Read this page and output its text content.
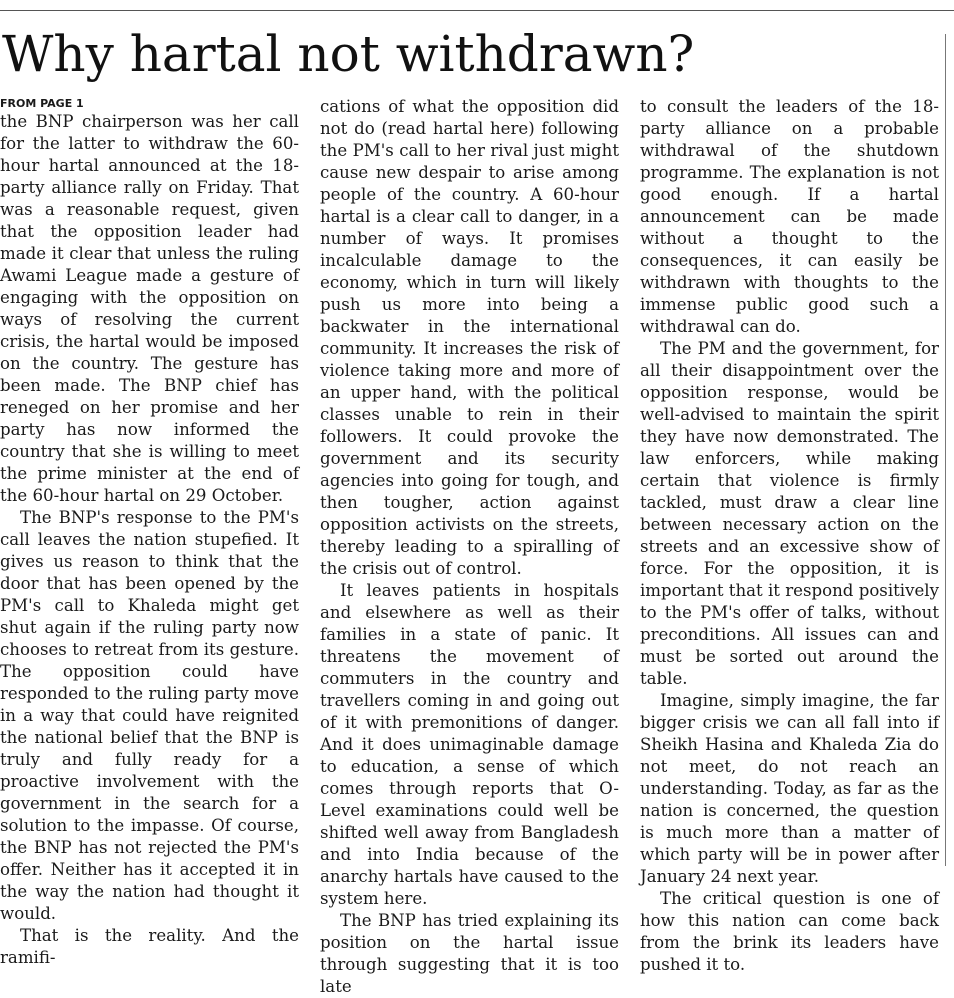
Why hartal not withdrawn?
FROM PAGE 1

the BNP chairperson was her call for the latter to withdraw the 60-hour hartal announced at the 18-party alliance rally on Friday. That was a reasonable request, given that the opposition leader had made it clear that unless the ruling Awami League made a gesture of engaging with the opposition on ways of resolving the current crisis, the hartal would be imposed on the country. The gesture has been made. The BNP chief has reneged on her promise and her party has now informed the country that she is willing to meet the prime minister at the end of the 60-hour hartal on 29 October.

The BNP's response to the PM's call leaves the nation stupefied. It gives us reason to think that the door that has been opened by the PM's call to Khaleda might get shut again if the ruling party now chooses to retreat from its gesture. The opposition could have responded to the ruling party move in a way that could have reignited the national belief that the BNP is truly and fully ready for a proactive involvement with the government in the search for a solution to the impasse. Of course, the BNP has not rejected the PM's offer. Neither has it accepted it in the way the nation had thought it would.

That is the reality. And the ramifi-

cations of what the opposition did not do (read hartal here) following the PM's call to her rival just might cause new despair to arise among people of the country. A 60-hour hartal is a clear call to danger, in a number of ways. It promises incalculable damage to the economy, which in turn will likely push us more into being a backwater in the international community. It increases the risk of violence taking more and more of an upper hand, with the political classes unable to rein in their followers. It could provoke the government and its security agencies into going for tough, and then tougher, action against opposition activists on the streets, thereby leading to a spiralling of the crisis out of control.

It leaves patients in hospitals and elsewhere as well as their families in a state of panic. It threatens the movement of commuters in the country and travellers coming in and going out of it with premonitions of danger. And it does unimaginable damage to education, a sense of which comes through reports that O-Level examinations could well be shifted well away from Bangladesh and into India because of the anarchy hartals have caused to the system here.

The BNP has tried explaining its position on the hartal issue through suggesting that it is too late

to consult the leaders of the 18-party alliance on a probable withdrawal of the shutdown programme. The explanation is not good enough. If a hartal announcement can be made without a thought to the consequences, it can easily be withdrawn with thoughts to the immense public good such a withdrawal can do.

The PM and the government, for all their disappointment over the opposition response, would be well-advised to maintain the spirit they have now demonstrated. The law enforcers, while making certain that violence is firmly tackled, must draw a clear line between necessary action on the streets and an excessive show of force. For the opposition, it is important that it respond positively to the PM's offer of talks, without preconditions. All issues can and must be sorted out around the table.

Imagine, simply imagine, the far bigger crisis we can all fall into if Sheikh Hasina and Khaleda Zia do not meet, do not reach an understanding. Today, as far as the nation is concerned, the question is much more than a matter of which party will be in power after January 24 next year.

The critical question is one of how this nation can come back from the brink its leaders have pushed it to.
